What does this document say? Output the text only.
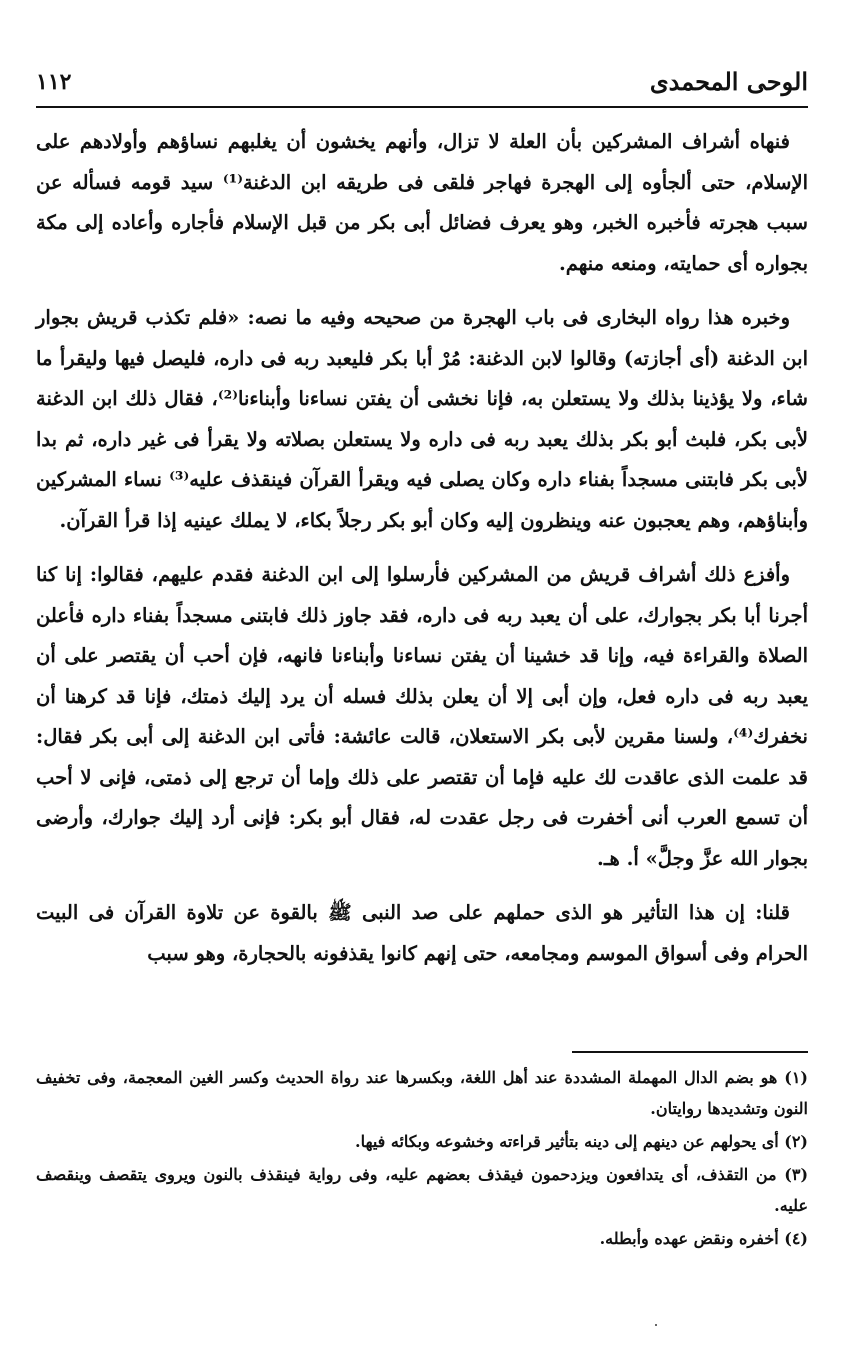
الوحى المحمدى
١١٢

فنهاه أشراف المشركين بأن العلة لا تزال، وأنهم يخشون أن يغلبهم نساؤهم وأولادهم على الإسلام، حتى ألجأوه إلى الهجرة فهاجر فلقى فى طريقه ابن الدغنة⁽¹⁾ سيد قومه فسأله عن سبب هجرته فأخبره الخبر، وهو يعرف فضائل أبى بكر من قبل الإسلام فأجاره وأعاده إلى مكة بجواره أى حمايته، ومنعه منهم.

وخبره هذا رواه البخارى فى باب الهجرة من صحيحه وفيه ما نصه: «فلم تكذب قريش بجوار ابن الدغنة (أى أجازته) وقالوا لابن الدغنة: مُرْ أبا بكر فليعبد ربه فى داره، فليصل فيها وليقرأ ما شاء، ولا يؤذينا بذلك ولا يستعلن به، فإنا نخشى أن يفتن نساءنا وأبناءنا⁽²⁾، فقال ذلك ابن الدغنة لأبى بكر، فلبث أبو بكر بذلك يعبد ربه فى داره ولا يستعلن بصلاته ولا يقرأ فى غير داره، ثم بدا لأبى بكر فابتنى مسجداً بفناء داره وكان يصلى فيه ويقرأ القرآن فينقذف عليه⁽³⁾ نساء المشركين وأبناؤهم، وهم يعجبون عنه وينظرون إليه وكان أبو بكر رجلاً بكاء، لا يملك عينيه إذا قرأ القرآن.

وأفزع ذلك أشراف قريش من المشركين فأرسلوا إلى ابن الدغنة فقدم عليهم، فقالوا: إنا كنا أجرنا أبا بكر بجوارك، على أن يعبد ربه فى داره، فقد جاوز ذلك فابتنى مسجداً بفناء داره فأعلن الصلاة والقراءة فيه، وإنا قد خشينا أن يفتن نساءنا وأبناءنا فانهه، فإن أحب أن يقتصر على أن يعبد ربه فى داره فعل، وإن أبى إلا أن يعلن بذلك فسله أن يرد إليك ذمتك، فإنا قد كرهنا أن نخفرك⁽⁴⁾، ولسنا مقرين لأبى بكر الاستعلان، قالت عائشة: فأتى ابن الدغنة إلى أبى بكر فقال: قد علمت الذى عاقدت لك عليه فإما أن تقتصر على ذلك وإما أن ترجع إلى ذمتى، فإنى لا أحب أن تسمع العرب أنى أخفرت فى رجل عقدت له، فقال أبو بكر: فإنى أرد إليك جوارك، وأرضى بجوار الله عزَّ وجلَّ» أ. هـ.

قلنا: إن هذا التأثير هو الذى حملهم على صد النبى ﷺ بالقوة عن تلاوة القرآن فى البيت الحرام وفى أسواق الموسم ومجامعه، حتى إنهم كانوا يقذفونه بالحجارة، وهو سبب

(١) هو بضم الدال المهملة المشددة عند أهل اللغة، وبكسرها عند رواة الحديث وكسر الغين المعجمة، وفى تخفيف النون وتشديدها روايتان.

(٢) أى يحولهم عن دينهم إلى دينه بتأثير قراءته وخشوعه وبكائه فيها.

(٣) من التقذف، أى يتدافعون ويزدحمون فيقذف بعضهم عليه، وفى رواية فينقذف بالنون ويروى يتقصف وينقصف عليه.

(٤) أخفره ونقض عهده وأبطله.
